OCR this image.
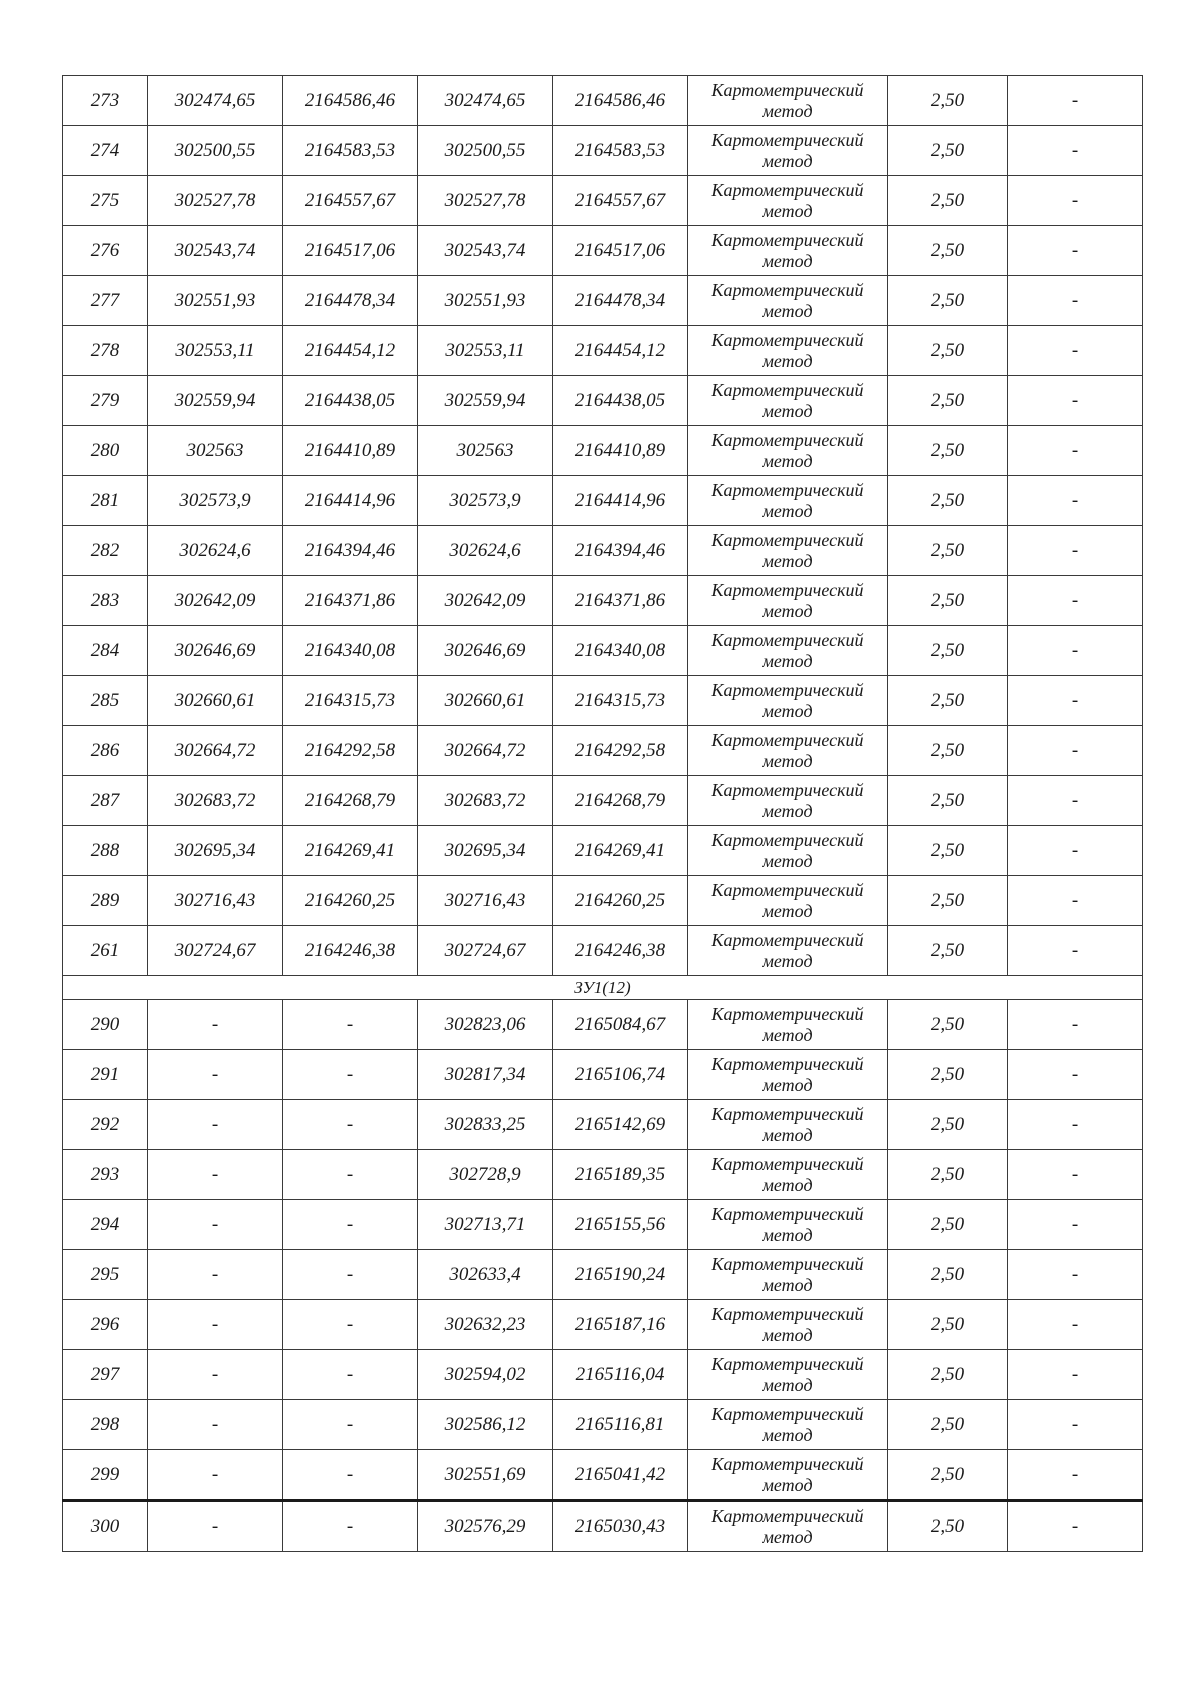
273	302474,65	2164586,46	302474,65	2164586,46	Картометрический метод	2,50	-
274	302500,55	2164583,53	302500,55	2164583,53	Картометрический метод	2,50	-
275	302527,78	2164557,67	302527,78	2164557,67	Картометрический метод	2,50	-
276	302543,74	2164517,06	302543,74	2164517,06	Картометрический метод	2,50	-
277	302551,93	2164478,34	302551,93	2164478,34	Картометрический метод	2,50	-
278	302553,11	2164454,12	302553,11	2164454,12	Картометрический метод	2,50	-
279	302559,94	2164438,05	302559,94	2164438,05	Картометрический метод	2,50	-
280	302563	2164410,89	302563	2164410,89	Картометрический метод	2,50	-
281	302573,9	2164414,96	302573,9	2164414,96	Картометрический метод	2,50	-
282	302624,6	2164394,46	302624,6	2164394,46	Картометрический метод	2,50	-
283	302642,09	2164371,86	302642,09	2164371,86	Картометрический метод	2,50	-
284	302646,69	2164340,08	302646,69	2164340,08	Картометрический метод	2,50	-
285	302660,61	2164315,73	302660,61	2164315,73	Картометрический метод	2,50	-
286	302664,72	2164292,58	302664,72	2164292,58	Картометрический метод	2,50	-
287	302683,72	2164268,79	302683,72	2164268,79	Картометрический метод	2,50	-
288	302695,34	2164269,41	302695,34	2164269,41	Картометрический метод	2,50	-
289	302716,43	2164260,25	302716,43	2164260,25	Картометрический метод	2,50	-
261	302724,67	2164246,38	302724,67	2164246,38	Картометрический метод	2,50	-
ЗУ1(12)							
290	-	-	302823,06	2165084,67	Картометрический метод	2,50	-
291	-	-	302817,34	2165106,74	Картометрический метод	2,50	-
292	-	-	302833,25	2165142,69	Картометрический метод	2,50	-
293	-	-	302728,9	2165189,35	Картометрический метод	2,50	-
294	-	-	302713,71	2165155,56	Картометрический метод	2,50	-
295	-	-	302633,4	2165190,24	Картометрический метод	2,50	-
296	-	-	302632,23	2165187,16	Картометрический метод	2,50	-
297	-	-	302594,02	2165116,04	Картометрический метод	2,50	-
298	-	-	302586,12	2165116,81	Картометрический метод	2,50	-
299	-	-	302551,69	2165041,42	Картометрический метод	2,50	-
300	-	-	302576,29	2165030,43	Картометрический метод	2,50	-
